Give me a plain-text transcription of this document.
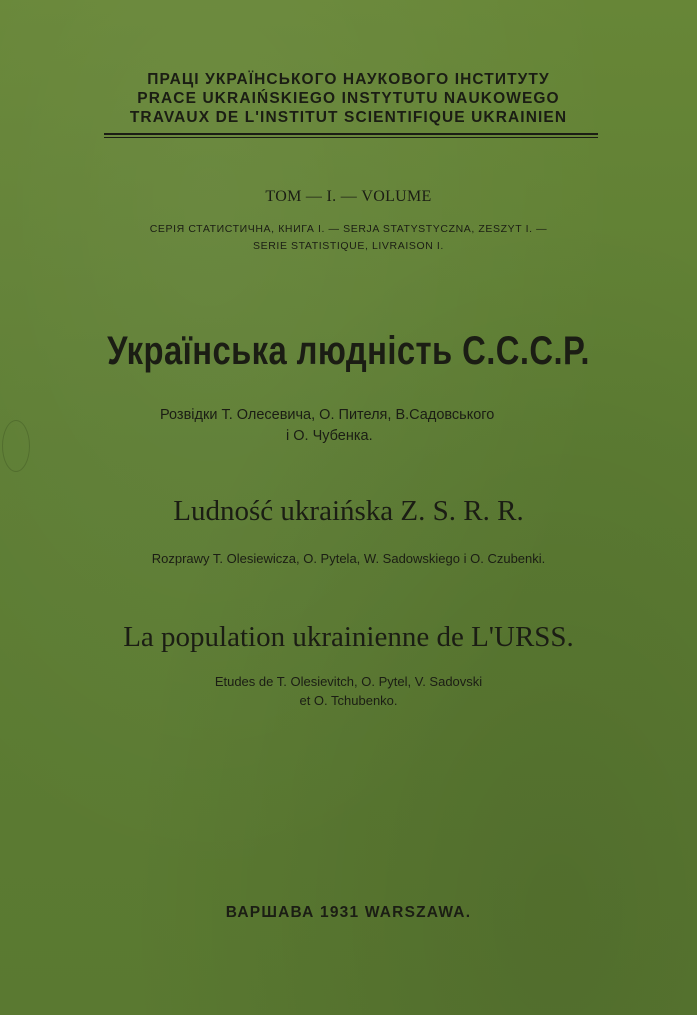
ПРАЦІ УКРАЇНСЬКОГО НАУКОВОГО ІНСТИТУТУ
PRACE UKRAIŃSKIEGO INSTYTUTU NAUKOWEGO
TRAVAUX DE L'INSTITUT SCIENTIFIQUE UKRAINIEN
ТОМ — І. — VOLUME
СЕРІЯ СТАТИСТИЧНА, КНИГА І. — SERJA STATYSTYCZNA, ZESZYT I. —
SERIE STATISTIQUE, LIVRAISON I.
Українська людність С.С.С.Р.
Розвідки Т. Олесевича, О. Пителя, В.Садовського
і О. Чубенка.
Ludność ukraińska Z. S. R. R.
Rozprawy T. Olesiewicza, O. Pytela, W. Sadowskiego i O. Czubenki.
La population ukrainienne de L'URSS.
Etudes de T. Olesievitch, O. Pytel, V. Sadovski
et O. Tchubenko.
ВАРШАВА 1931 WARSZAWA.
